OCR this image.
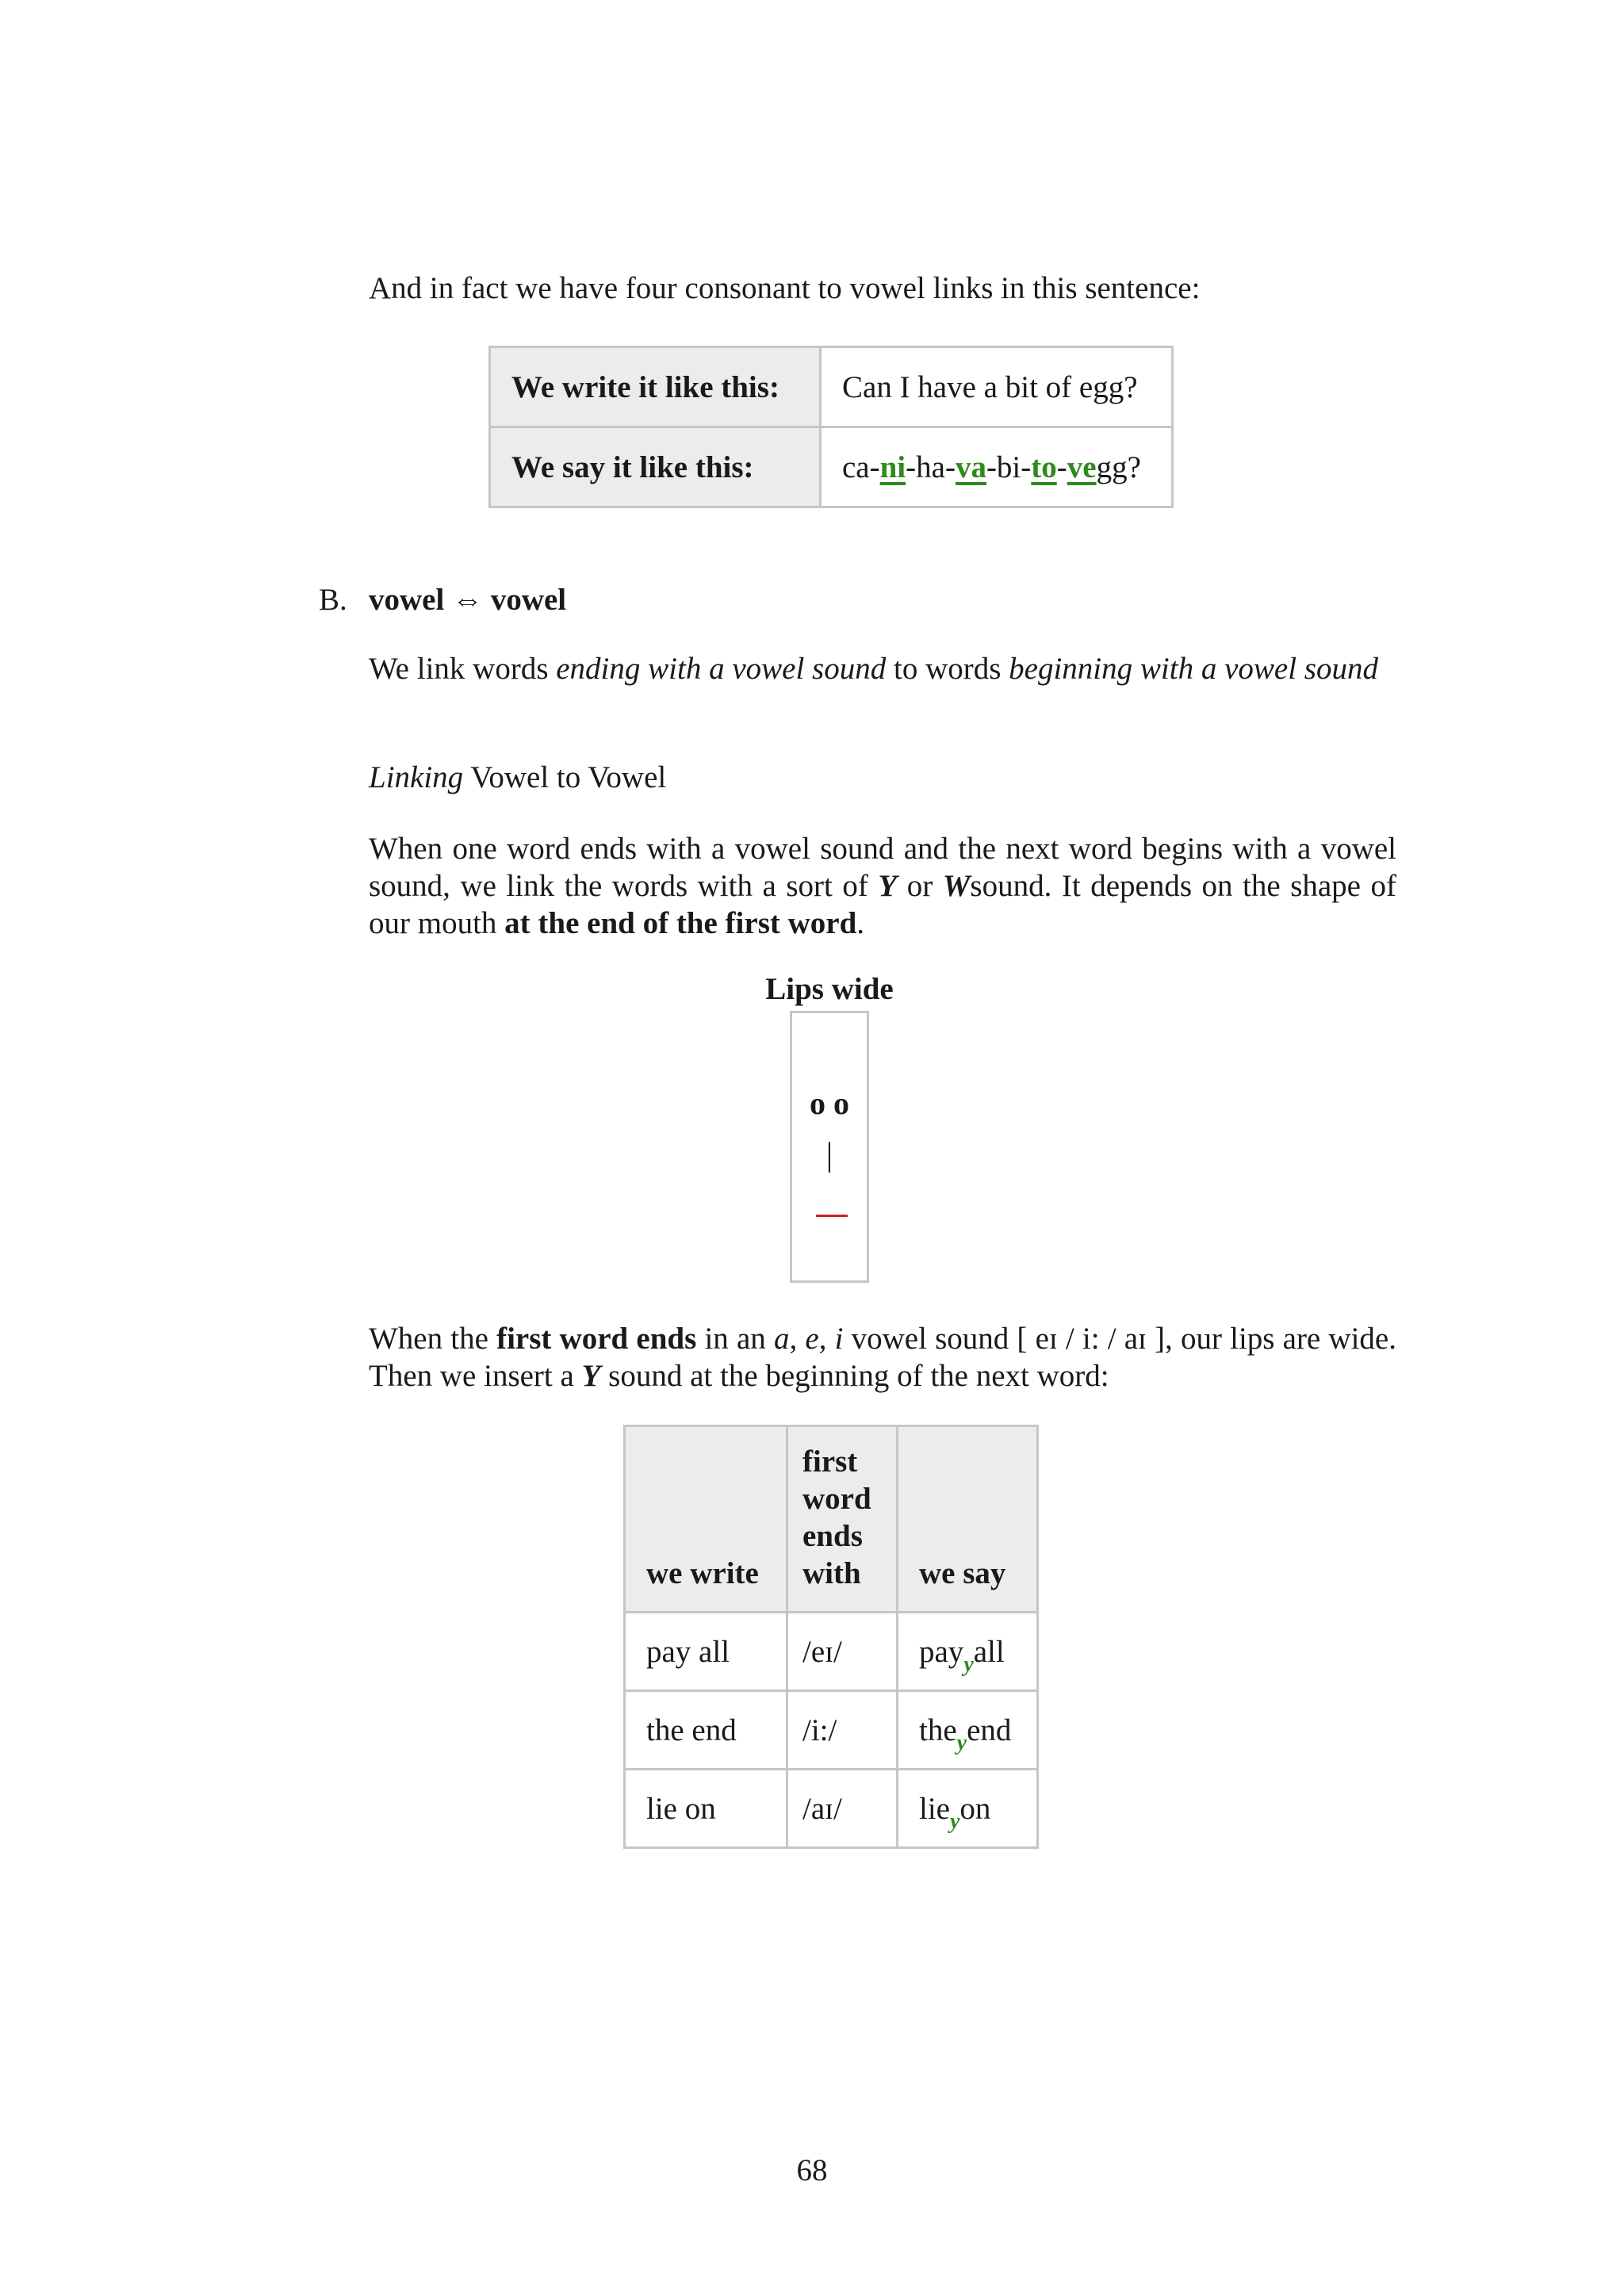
And in fact we have four consonant to vowel links in this sentence:
We write it like this:	Can I have a bit of egg?
We say it like this:	ca-ni-ha-va-bi-to-vegg?
B. vowel ⇔ vowel
We link words ending with a vowel sound to words beginning with a vowel sound
Linking Vowel to Vowel
When one word ends with a vowel sound and the next word begins with a vowel sound, we link the words with a sort of Y or Wsound. It depends on the shape of our mouth at the end of the first word.
Lips wide
o o
|
When the first word ends in an a, e, i vowel sound [ eɪ / i: / aɪ ], our lips are wide. Then we insert a Y sound at the beginning of the next word:
we write	first word ends with	we say
pay all	/eɪ/	pay$_y$all
the end	/i:/	the$_y$end
lie on	/aɪ/	lie$_y$on
68
